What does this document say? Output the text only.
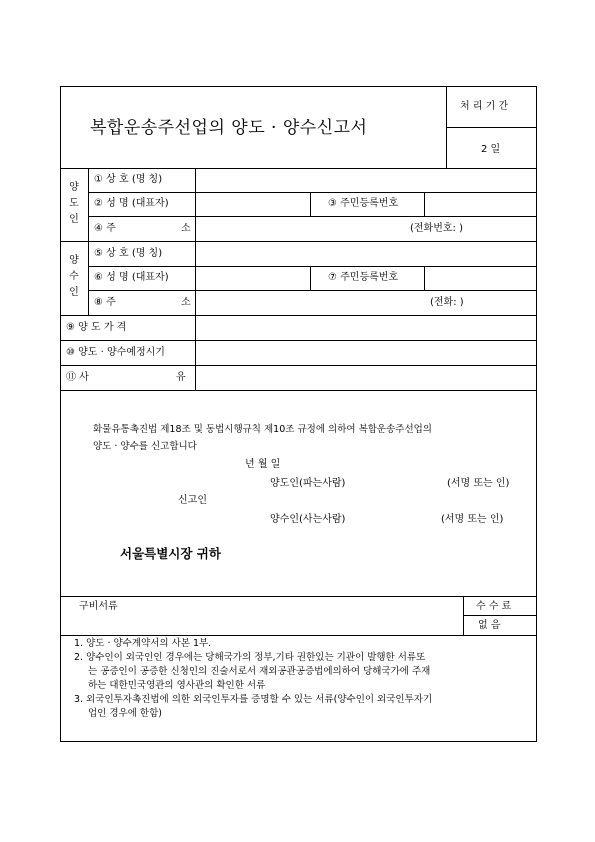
복합운송주선업의 양도 · 양수신고서
처 리 기 간
2 일
양도인
양수인
① 상 호 (명 칭)
② 성 명 (대표자)	③ 주민등록번호
④ 주	소	(전화번호: )
⑤ 상 호 (명 칭)
⑥ 성 명 (대표자)	⑦ 주민등록번호
⑧ 주	소	(전화: )
⑨ 양 도 가 격
⑩ 양도 · 양수예정시기
⑪ 사	유
화물유통촉진법 제18조 및 동법시행규칙 제10조 규정에 의하여 복합운송주선업의
양도 · 양수를 신고합니다
년 월 일
양도인(파는사람)	(서명 또는 인)
신고인
양수인(사는사람)	(서명 또는 인)
서울특별시장 귀하
구비서류	수 수 료
없 음
1. 양도 · 양수계약서의 사본 1부.
2. 양수인이 외국인인 경우에는 당해국가의 정부,기타 권한있는 기관이 발행한 서류또
는 공증인이 공증한 신청인의 진술서로서 재외공관공증법에의하여 당해국가에 주재
하는 대한민국영관의 영사관의 확인한 서류
3. 외국인투자촉진법에 의한 외국인투자를 증명할 수 있는 서류(양수인이 외국인투자기
업인 경우에 한함)
